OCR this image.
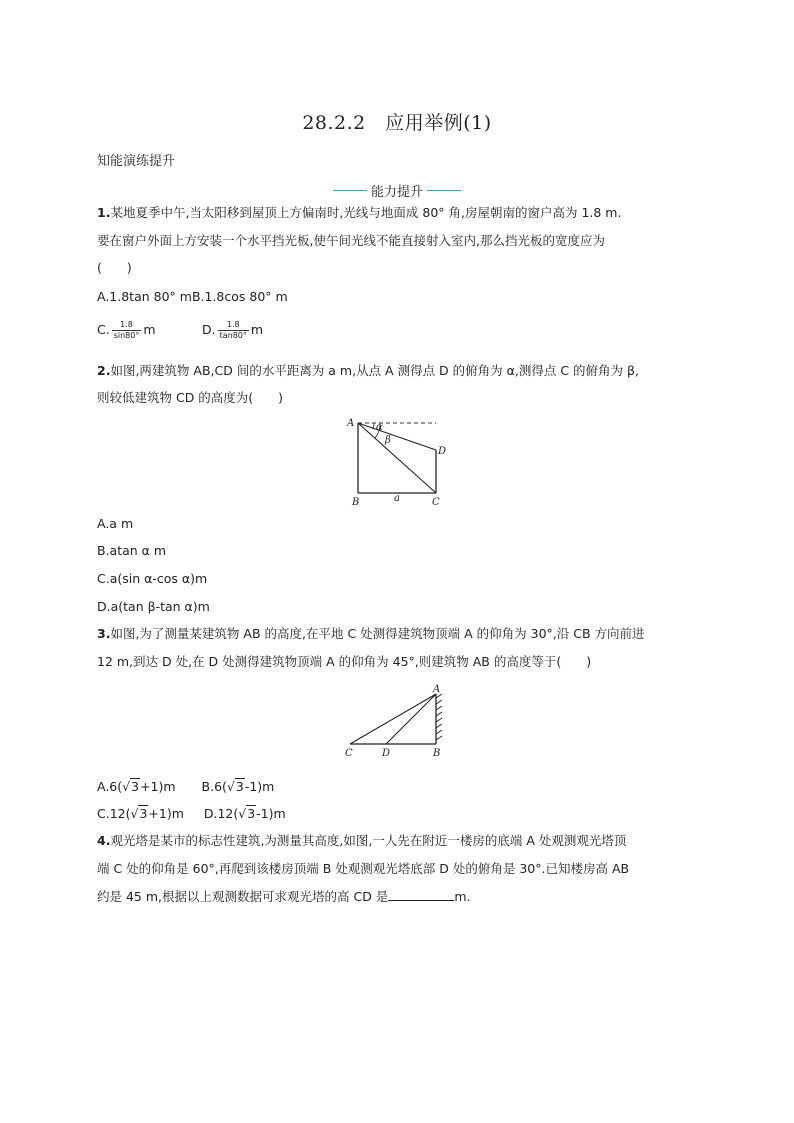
28.2.2　应用举例(1)
知能演练提升
能力提升
1.某地夏季中午,当太阳移到屋顶上方偏南时,光线与地面成 80° 角,房屋朝南的窗户高为 1.8 m.
要在窗户外面上方安装一个水平挡光板,使午间光线不能直接射入室内,那么挡光板的宽度应为
(　　)
A.1.8tan 80° mB.1.8cos 80° m
C. $\frac{1.8}{\sin 80^\circ}$ m	D. $\frac{1.8}{\tan 80^\circ}$ m
2.如图,两建筑物 AB,CD 间的水平距离为 a m,从点 A 测得点 D 的俯角为 α,测得点 C 的俯角为 β,
则较低建筑物 CD 的高度为(　　)
A
B	C
D
a
α
β
A.a m
B.atan α m
C.a(sin α-cos α)m
D.a(tan β-tan α)m
3.如图,为了测量某建筑物 AB 的高度,在平地 C 处测得建筑物顶端 A 的仰角为 30°,沿 CB 方向前进
12 m,到达 D 处,在 D 处测得建筑物顶端 A 的仰角为 45°,则建筑物 AB 的高度等于(　　)
A
B
C	D
A.6(√3+1)m B.6(√3-1)m
C.12(√3+1)m D.12(√3-1)m
4.观光塔是某市的标志性建筑,为测量其高度,如图,一人先在附近一楼房的底端 A 处观测观光塔顶
端 C 处的仰角是 60°,再爬到该楼房顶端 B 处观测观光塔底部 D 处的俯角是 30°.已知楼房高 AB
约是 45 m,根据以上观测数据可求观光塔的高 CD 是	m.
